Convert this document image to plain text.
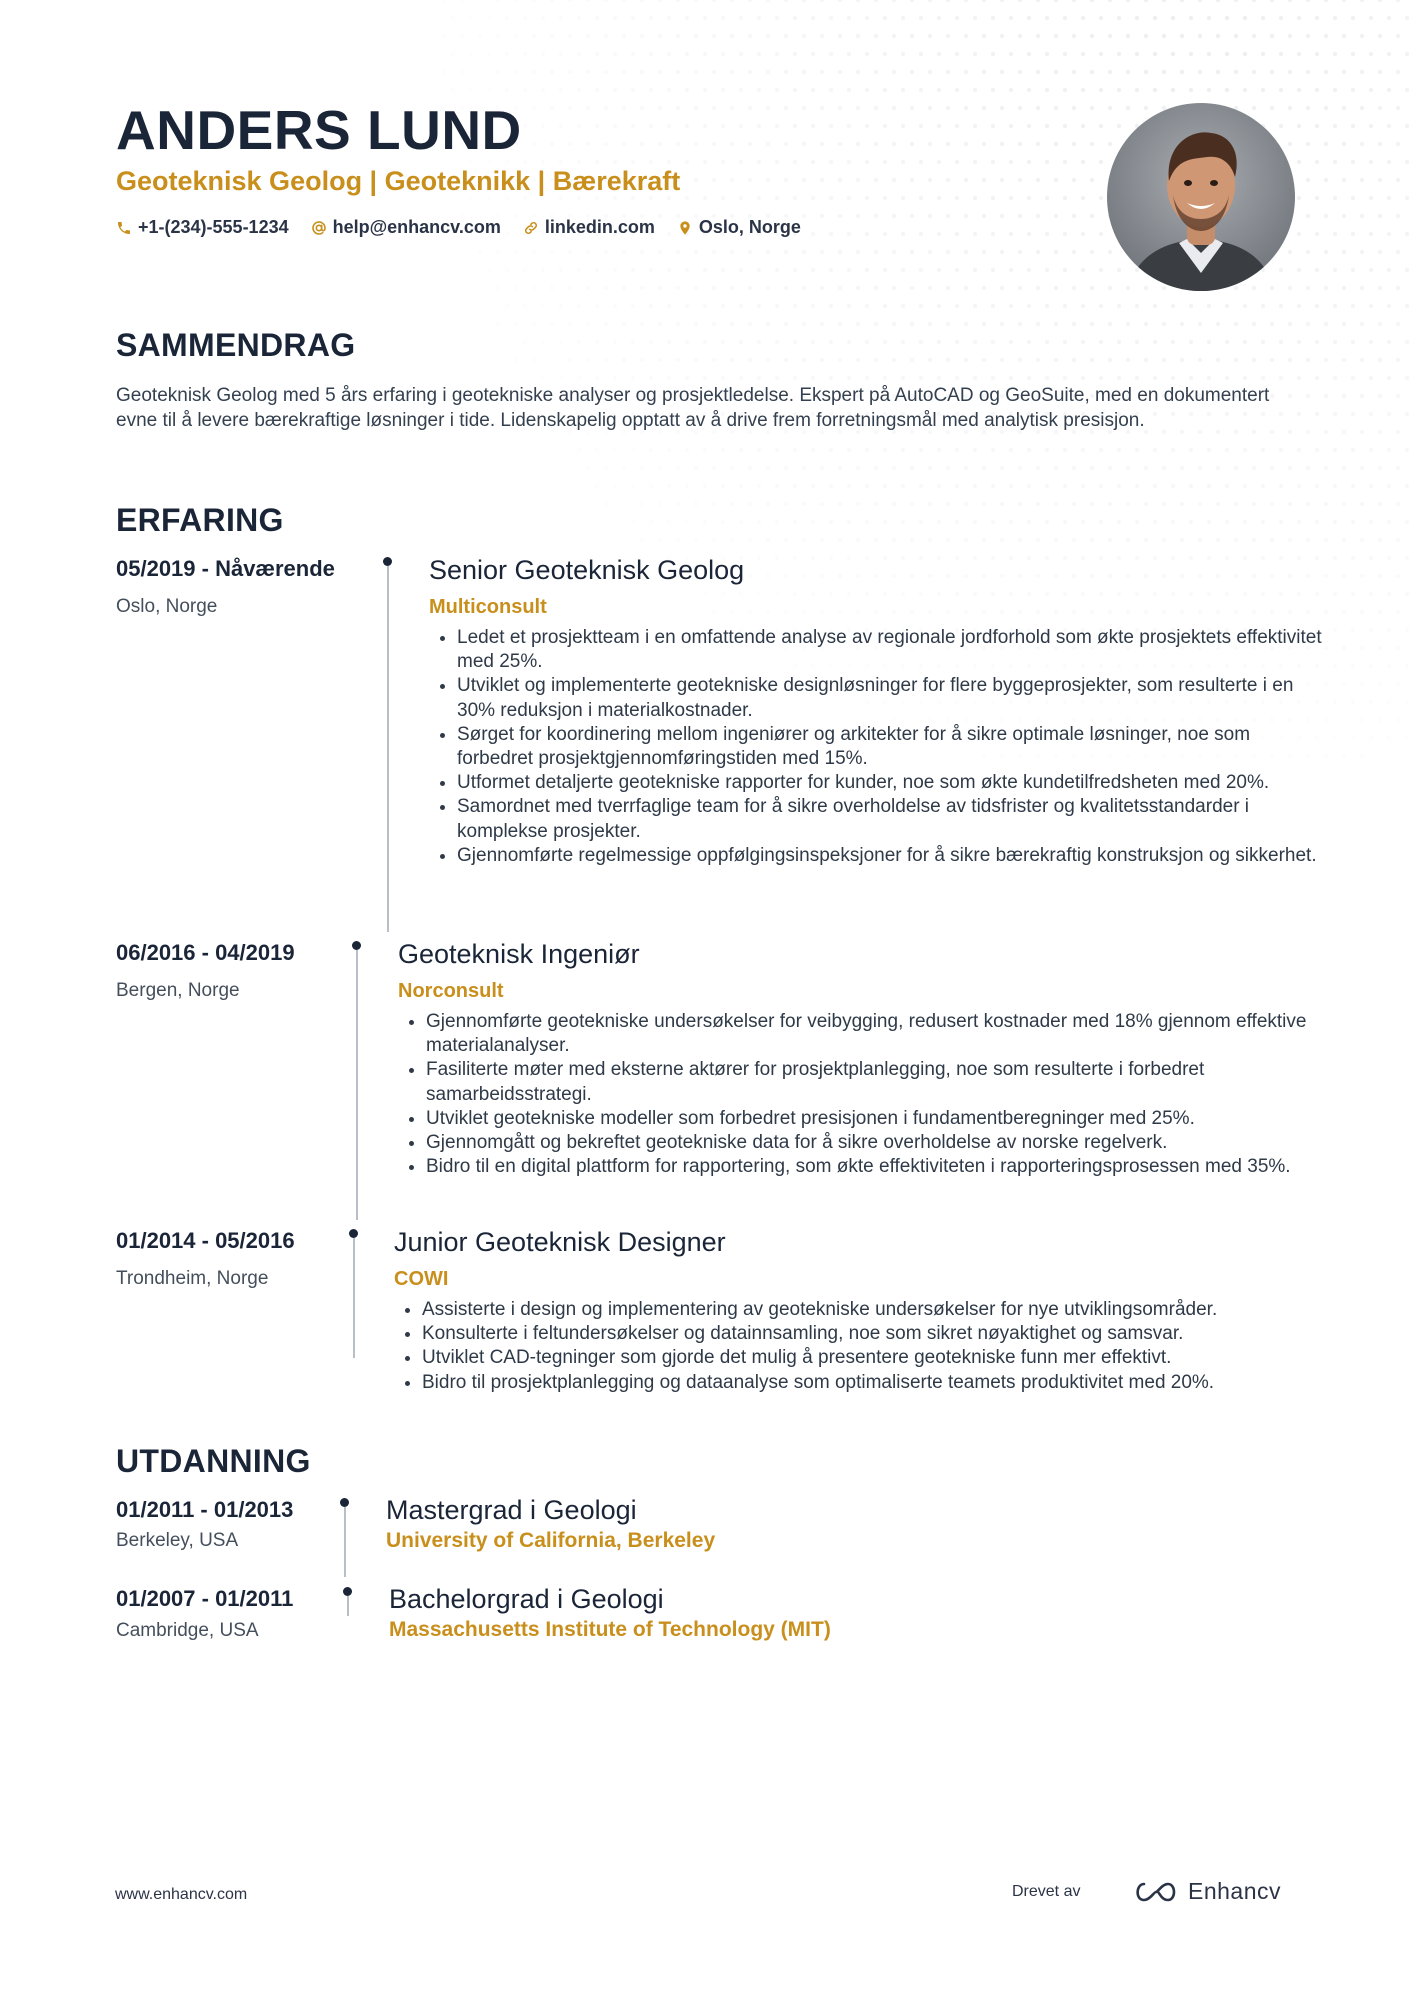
ANDERS LUND

Geoteknisk Geolog | Geoteknikk | Bærekraft

+1-(234)-555-1234 help@enhancv.com linkedin.com Oslo, Norge
SAMMENDRAG

Geoteknisk Geolog med 5 års erfaring i geotekniske analyser og prosjektledelse. Ekspert på AutoCAD og GeoSuite, med en dokumentert evne til å levere bærekraftige løsninger i tide. Lidenskapelig opptatt av å drive frem forretningsmål med analytisk presisjon.

ERFARING
05/2019 - Nåværende
Oslo, Norge
Senior Geoteknisk Geolog
Multiconsult
• Ledet et prosjektteam i en omfattende analyse av regionale jordforhold som økte prosjektets effektivitet med 25%.
• Utviklet og implementerte geotekniske designløsninger for flere byggeprosjekter, som resulterte i en 30% reduksjon i materialkostnader.
• Sørget for koordinering mellom ingeniører og arkitekter for å sikre optimale løsninger, noe som forbedret prosjektgjennomføringstiden med 15%.
• Utformet detaljerte geotekniske rapporter for kunder, noe som økte kundetilfredsheten med 20%.
• Samordnet med tverrfaglige team for å sikre overholdelse av tidsfrister og kvalitetsstandarder i komplekse prosjekter.
• Gjennomførte regelmessige oppfølgingsinspeksjoner for å sikre bærekraftig konstruksjon og sikkerhet.
06/2016 - 04/2019
Bergen, Norge
Geoteknisk Ingeniør
Norconsult
• Gjennomførte geotekniske undersøkelser for veibygging, redusert kostnader med 18% gjennom effektive materialanalyser.
• Fasiliterte møter med eksterne aktører for prosjektplanlegging, noe som resulterte i forbedret samarbeidsstrategi.
• Utviklet geotekniske modeller som forbedret presisjonen i fundamentberegninger med 25%.
• Gjennomgått og bekreftet geotekniske data for å sikre overholdelse av norske regelverk.
• Bidro til en digital plattform for rapportering, som økte effektiviteten i rapporteringsprosessen med 35%.
01/2014 - 05/2016
Trondheim, Norge
Junior Geoteknisk Designer
COWI
• Assisterte i design og implementering av geotekniske undersøkelser for nye utviklingsområder.
• Konsulterte i feltundersøkelser og datainnsamling, noe som sikret nøyaktighet og samsvar.
• Utviklet CAD-tegninger som gjorde det mulig å presentere geotekniske funn mer effektivt.
• Bidro til prosjektplanlegging og dataanalyse som optimaliserte teamets produktivitet med 20%.
UTDANNING
01/2011 - 01/2013
Berkeley, USA
Mastergrad i Geologi
University of California, Berkeley
01/2007 - 01/2011
Cambridge, USA
Bachelorgrad i Geologi
Massachusetts Institute of Technology (MIT)
www.enhancv.com	Drevet av	Enhancv
